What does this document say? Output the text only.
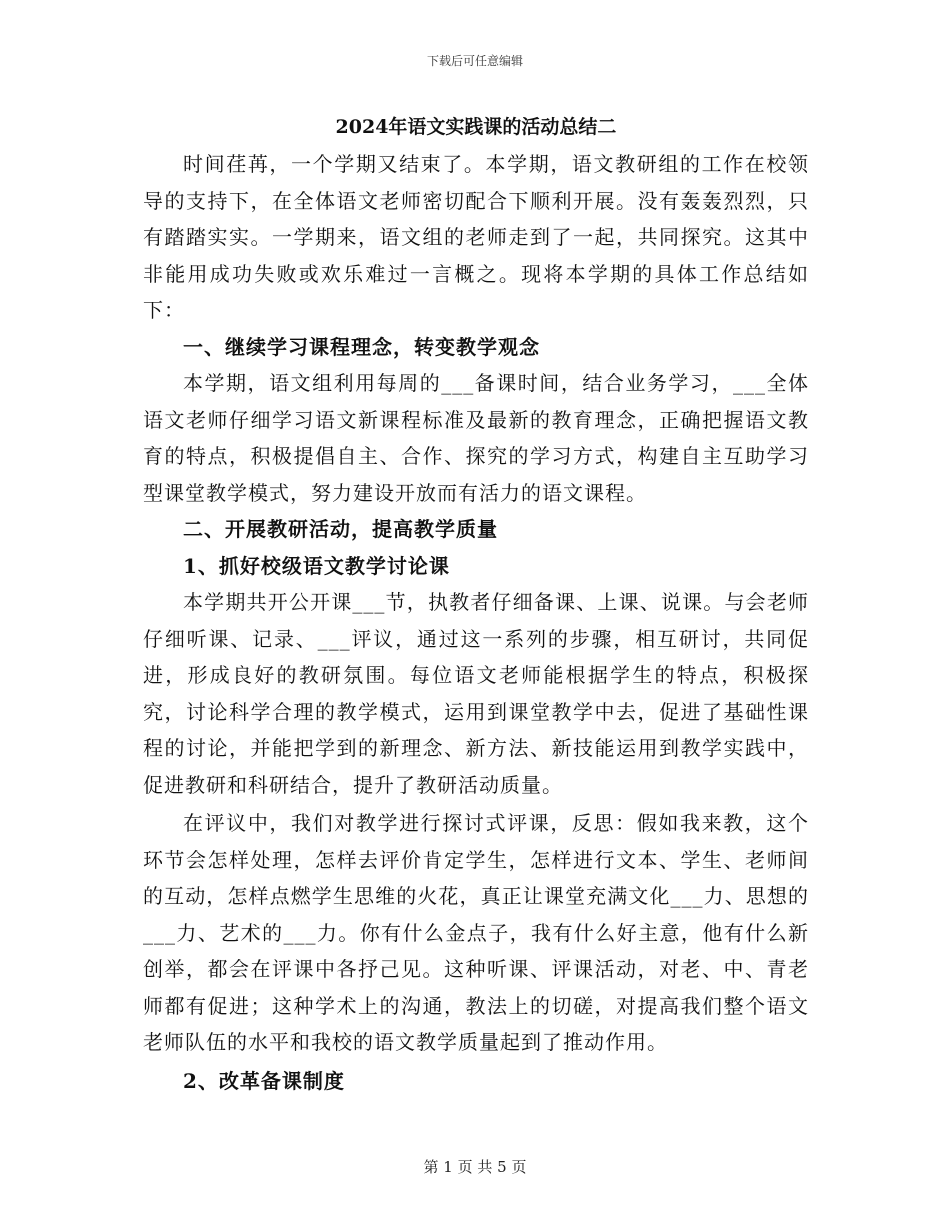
下载后可任意编辑
2024年语文实践课的活动总结二

时间荏苒，一个学期又结束了。本学期，语文教研组的工作在校领导的支持下，在全体语文老师密切配合下顺利开展。没有轰轰烈烈，只有踏踏实实。一学期来，语文组的老师走到了一起，共同探究。这其中非能用成功失败或欢乐难过一言概之。现将本学期的具体工作总结如下：

一、继续学习课程理念，转变教学观念

本学期，语文组利用每周的___备课时间，结合业务学习，___全体语文老师仔细学习语文新课程标准及最新的教育理念，正确把握语文教育的特点，积极提倡自主、合作、探究的学习方式，构建自主互助学习型课堂教学模式，努力建设开放而有活力的语文课程。

二、开展教研活动，提高教学质量

1、抓好校级语文教学讨论课

本学期共开公开课___节，执教者仔细备课、上课、说课。与会老师仔细听课、记录、___评议，通过这一系列的步骤，相互研讨，共同促进，形成良好的教研氛围。每位语文老师能根据学生的特点，积极探究，讨论科学合理的教学模式，运用到课堂教学中去，促进了基础性课程的讨论，并能把学到的新理念、新方法、新技能运用到教学实践中，促进教研和科研结合，提升了教研活动质量。

在评议中，我们对教学进行探讨式评课，反思：假如我来教，这个环节会怎样处理，怎样去评价肯定学生，怎样进行文本、学生、老师间的互动，怎样点燃学生思维的火花，真正让课堂充满文化___力、思想的___力、艺术的___力。你有什么金点子，我有什么好主意，他有什么新创举，都会在评课中各抒己见。这种听课、评课活动，对老、中、青老师都有促进；这种学术上的沟通，教法上的切磋，对提高我们整个语文老师队伍的水平和我校的语文教学质量起到了推动作用。

2、改革备课制度

第 1 页 共 5 页
